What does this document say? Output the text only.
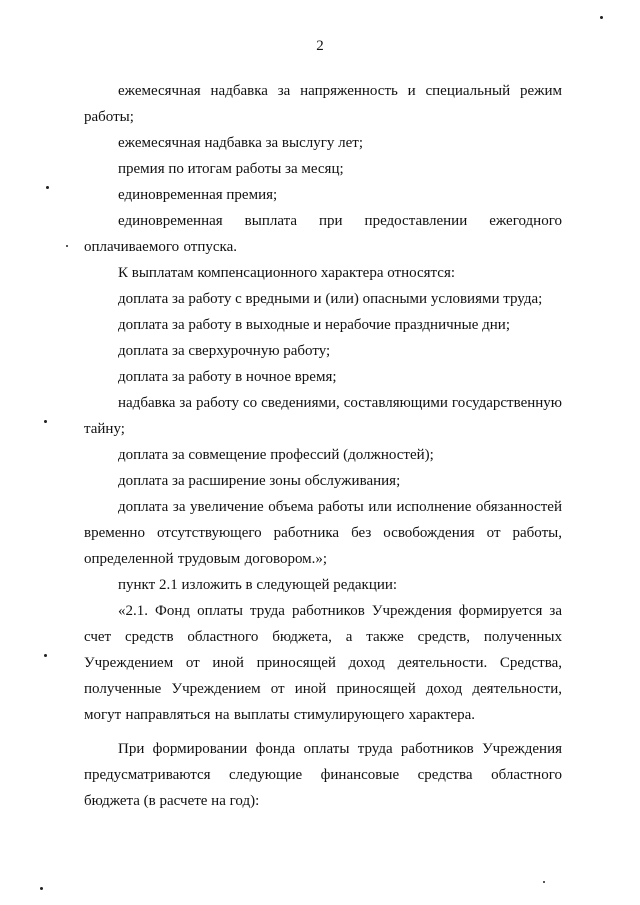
2

ежемесячная надбавка за напряженность и специальный режим работы;

ежемесячная надбавка за выслугу лет;

премия по итогам работы за месяц;

единовременная премия;

единовременная выплата при предоставлении ежегодного оплачиваемого отпуска.

К выплатам компенсационного характера относятся:

доплата за работу с вредными и (или) опасными условиями труда;

доплата за работу в выходные и нерабочие праздничные дни;

доплата за сверхурочную работу;

доплата за работу в ночное время;

надбавка за работу со сведениями, составляющими государственную тайну;

доплата за совмещение профессий (должностей);

доплата за расширение зоны обслуживания;

доплата за увеличение объема работы или исполнение обязанностей временно отсутствующего работника без освобождения от работы, определенной трудовым договором.»;

пункт 2.1 изложить в следующей редакции:

«2.1. Фонд оплаты труда работников Учреждения формируется за счет средств областного бюджета, а также средств, полученных Учреждением от иной приносящей доход деятельности. Средства, полученные Учреждением от иной приносящей доход деятельности, могут направляться на выплаты стимулирующего характера.

При формировании фонда оплаты труда работников Учреждения предусматриваются следующие финансовые средства областного бюджета (в расчете на год):
